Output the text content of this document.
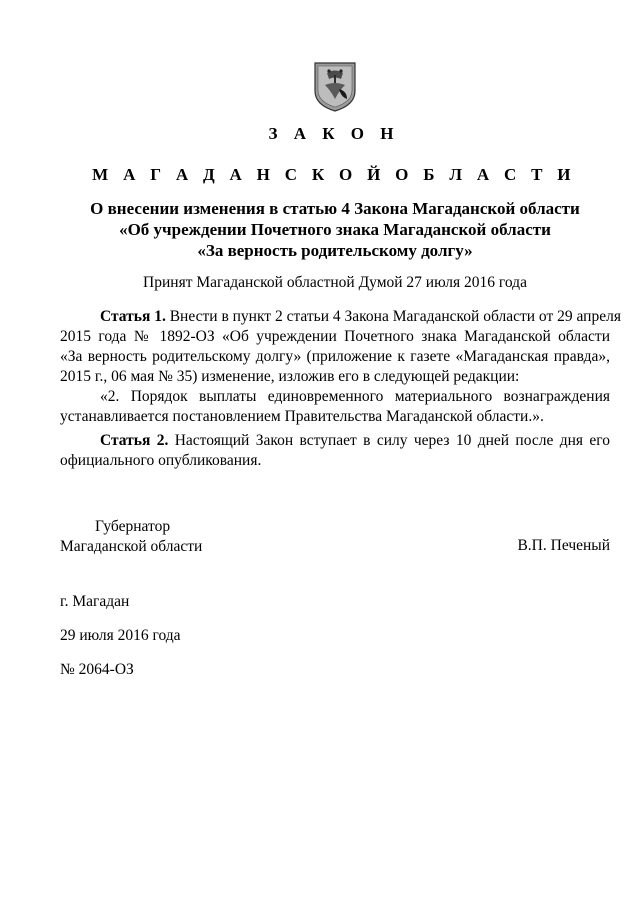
З А К О Н
М А Г А Д А Н С К О Й О Б Л А С Т И
О внесении изменения в статью 4 Закона Магаданской области
«Об учреждении Почетного знака Магаданской области
«За верность родительскому долгу»
Принят Магаданской областной Думой 27 июля 2016 года
Статья 1. Внести в пункт 2 статьи 4 Закона Магаданской области от 29 апреля
2015 года № 1892-ОЗ «Об учреждении Почетного знака Магаданской области
«За верность родительскому долгу» (приложение к газете «Магаданская правда»,
2015 г., 06 мая № 35) изменение, изложив его в следующей редакции:
«2. Порядок выплаты единовременного материального вознаграждения
устанавливается постановлением Правительства Магаданской области.».
Статья 2. Настоящий Закон вступает в силу через 10 дней после дня его
официального опубликования.
Губернатор
Магаданской области	В.П. Печеный
г. Магадан
29 июля 2016 года
№ 2064-ОЗ
